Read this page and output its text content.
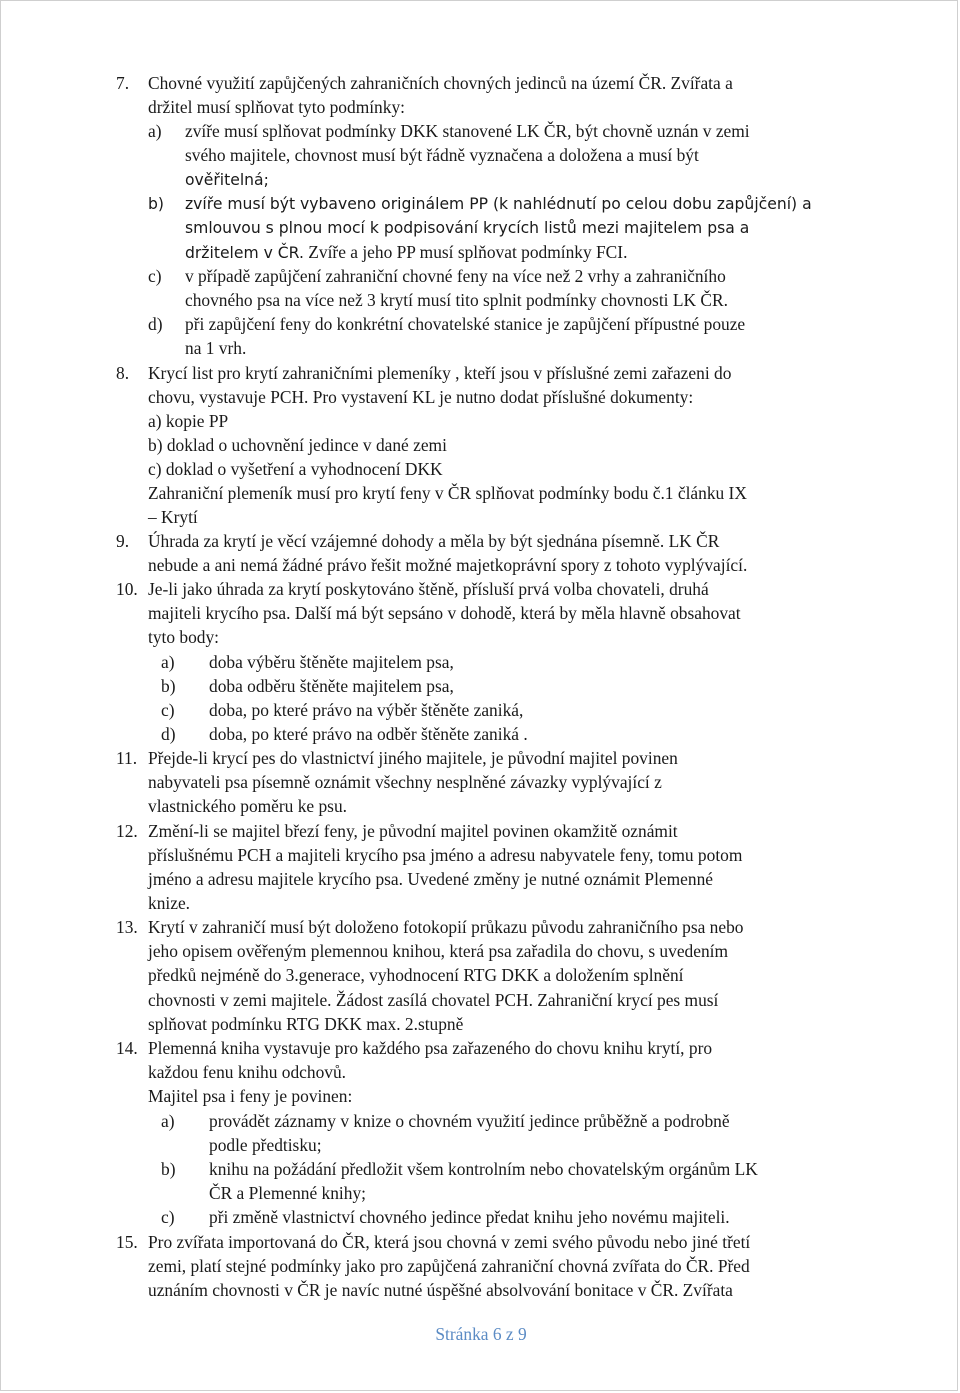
7. Chovné využití zapůjčených zahraničních chovných jedinců na území ČR. Zvířata a
držitel musí splňovat tyto podmínky:
a) zvíře musí splňovat podmínky DKK stanovené LK ČR, být chovně uznán v zemi
svého majitele, chovnost musí být řádně vyznačena a doložena a musí být
ověřitelná;
b) zvíře musí být vybaveno originálem PP (k nahlédnutí po celou dobu zapůjčení) a
smlouvou s plnou mocí k podpisování krycích listů mezi majitelem psa a
držitelem v ČR. Zvíře a jeho PP musí splňovat podmínky FCI.
c) v případě zapůjčení zahraniční chovné feny na více než 2 vrhy a zahraničního
chovného psa na více než 3 krytí musí tito splnit podmínky chovnosti LK ČR.
d) při zapůjčení feny do konkrétní chovatelské stanice je zapůjčení přípustné pouze
na 1 vrh.
8. Krycí list pro krytí zahraničními plemeníky , kteří jsou v příslušné zemi zařazeni do
chovu, vystavuje PCH. Pro vystavení KL je nutno dodat příslušné dokumenty:
a) kopie PP
b) doklad o uchovnění jedince v dané zemi
c) doklad o vyšetření a vyhodnocení DKK
Zahraniční plemeník musí pro krytí feny v ČR splňovat podmínky bodu č.1 článku IX
– Krytí
9. Úhrada za krytí je věcí vzájemné dohody a měla by být sjednána písemně. LK ČR
nebude a ani nemá žádné právo řešit možné majetkoprávní spory z tohoto vyplývající.
10. Je-li jako úhrada za krytí poskytováno štěně, přísluší prvá volba chovateli, druhá
majiteli krycího psa. Další má být sepsáno v dohodě, která by měla hlavně obsahovat
tyto body:
a) doba výběru štěněte majitelem psa,
b) doba odběru štěněte majitelem psa,
c) doba, po které právo na výběr štěněte zaniká,
d) doba, po které právo na odběr štěněte zaniká .
11. Přejde-li krycí pes do vlastnictví jiného majitele, je původní majitel povinen
nabyvateli psa písemně oznámit všechny nesplněné závazky vyplývající z
vlastnického poměru ke psu.
12. Změní-li se majitel březí feny, je původní majitel povinen okamžitě oznámit
příslušnému PCH a majiteli krycího psa jméno a adresu nabyvatele feny, tomu potom
jméno a adresu majitele krycího psa. Uvedené změny je nutné oznámit Plemenné
knize.
13. Krytí v zahraničí musí být doloženo fotokopií průkazu původu zahraničního psa nebo
jeho opisem ověřeným plemennou knihou, která psa zařadila do chovu, s uvedením
předků nejméně do 3.generace, vyhodnocení RTG DKK a doložením splnění
chovnosti v zemi majitele. Žádost zasílá chovatel PCH. Zahraniční krycí pes musí
splňovat podmínku RTG DKK max. 2.stupně
14. Plemenná kniha vystavuje pro každého psa zařazeného do chovu knihu krytí, pro
každou fenu knihu odchovů.
Majitel psa i feny je povinen:
a) provádět záznamy v knize o chovném využití jedince průběžně a podrobně
podle předtisku;
b) knihu na požádání předložit všem kontrolním nebo chovatelským orgánům LK
ČR a Plemenné knihy;
c) při změně vlastnictví chovného jedince předat knihu jeho novému majiteli.
15. Pro zvířata importovaná do ČR, která jsou chovná v zemi svého původu nebo jiné třetí
zemi, platí stejné podmínky jako pro zapůjčená zahraniční chovná zvířata do ČR. Před
uznáním chovnosti v ČR je navíc nutné úspěšné absolvování bonitace v ČR. Zvířata
Stránka 6 z 9
